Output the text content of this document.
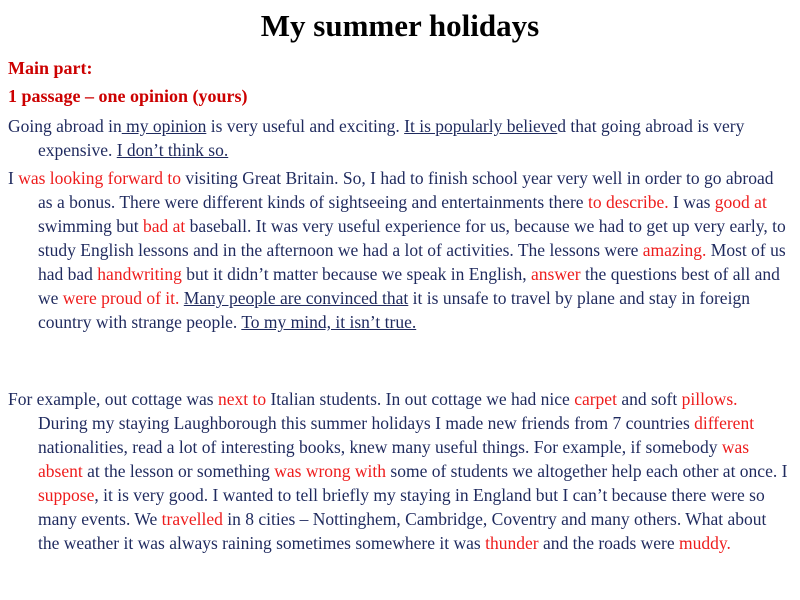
My summer holidays
Main part:
1 passage – one opinion (yours)
Going abroad in my opinion is very useful and exciting. It is popularly believed that going abroad is very expensive. I don’t think so.
I was looking forward to visiting Great Britain. So, I had to finish school year very well in order to go abroad as a bonus. There were different kinds of sightseeing and entertainments there to describe. I was good at swimming but bad at baseball. It was very useful experience for us, because we had to get up very early, to study English lessons and in the afternoon we had a lot of activities. The lessons were amazing. Most of us had bad handwriting but it didn’t matter because we speak in English, answer the questions best of all and we were proud of it. Many people are convinced that it is unsafe to travel by plane and stay in foreign country with strange people. To my mind, it isn’t true.
For example, out cottage was next to Italian students. In out cottage we had nice carpet and soft pillows. During my staying Laughborough this summer holidays I made new friends from 7 countries different nationalities, read a lot of interesting books, knew many useful things. For example, if somebody was absent at the lesson or something was wrong with some of students we altogether help each other at once. I suppose, it is very good. I wanted to tell briefly my staying in England but I can’t because there were so many events. We travelled in 8 cities – Nottinghem, Cambridge, Coventry and many others. What about the weather it was always raining sometimes somewhere it was thunder and the roads were muddy.
